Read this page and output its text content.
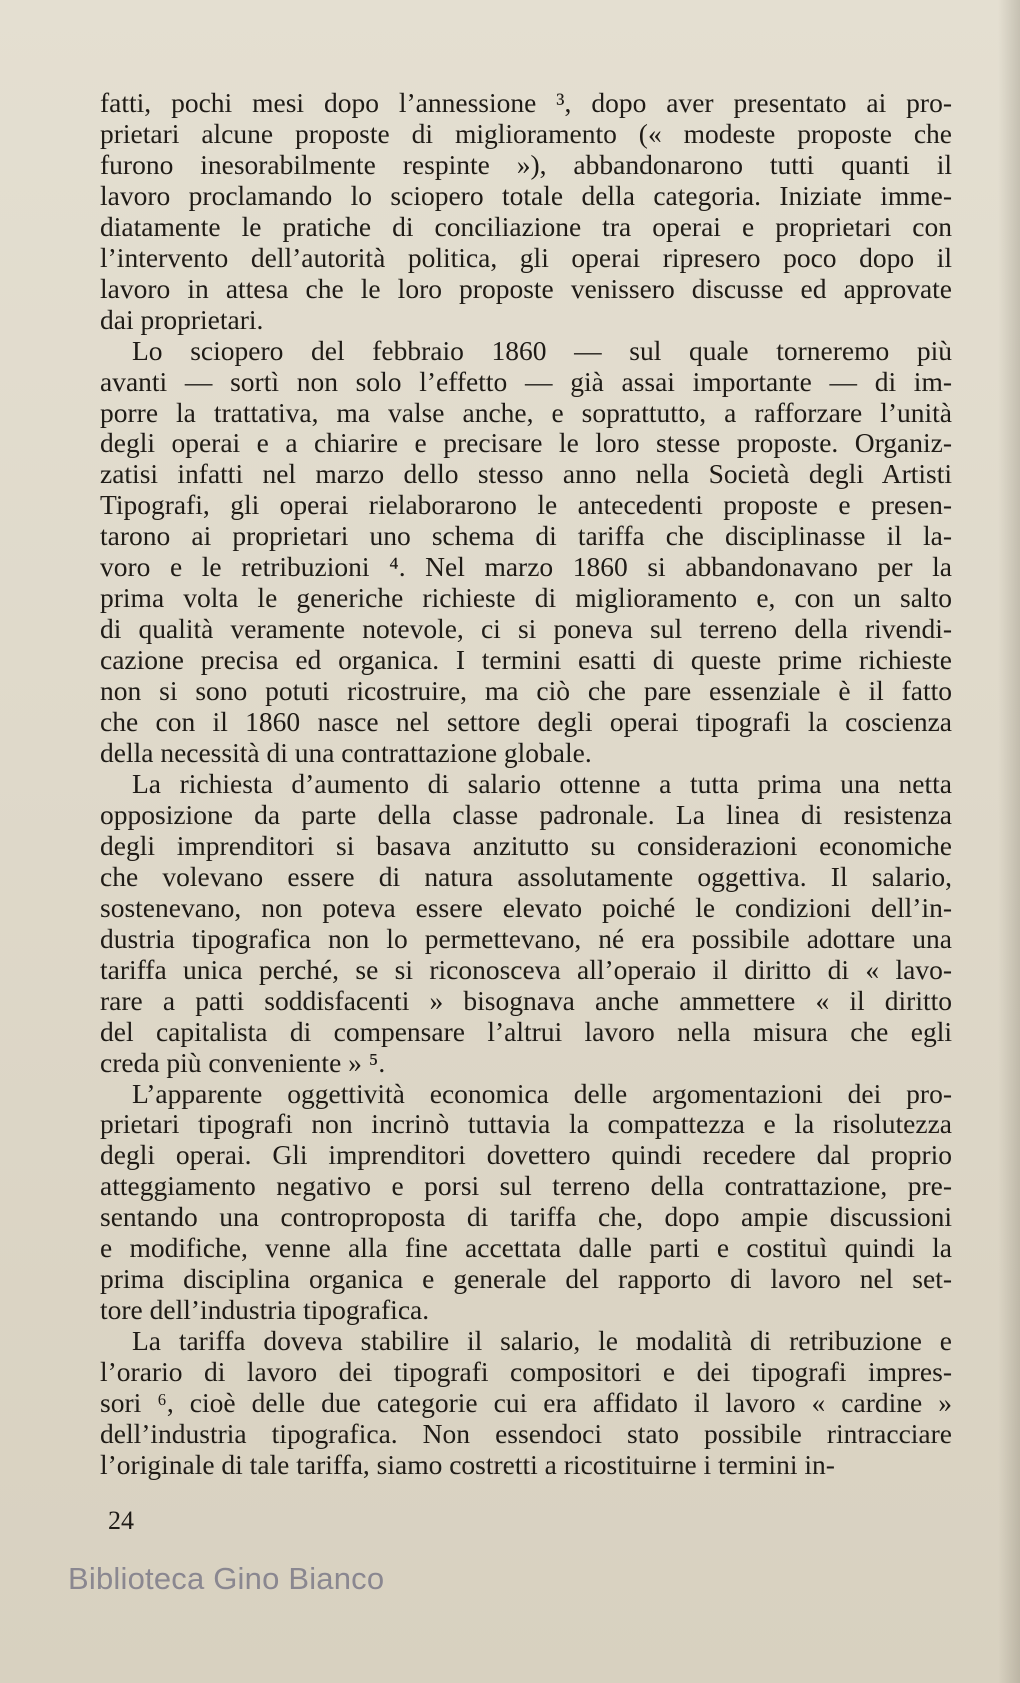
fatti, pochi mesi dopo l’annessione ³, dopo aver presentato ai pro-
prietari alcune proposte di miglioramento (« modeste proposte che
furono inesorabilmente respinte »), abbandonarono tutti quanti il
lavoro proclamando lo sciopero totale della categoria. Iniziate imme-
diatamente le pratiche di conciliazione tra operai e proprietari con
l’intervento dell’autorità politica, gli operai ripresero poco dopo il
lavoro in attesa che le loro proposte venissero discusse ed approvate
dai proprietari.
Lo sciopero del febbraio 1860 — sul quale torneremo più
avanti — sortì non solo l’effetto — già assai importante — di im-
porre la trattativa, ma valse anche, e soprattutto, a rafforzare l’unità
degli operai e a chiarire e precisare le loro stesse proposte. Organiz-
zatisi infatti nel marzo dello stesso anno nella Società degli Artisti
Tipografi, gli operai rielaborarono le antecedenti proposte e presen-
tarono ai proprietari uno schema di tariffa che disciplinasse il la-
voro e le retribuzioni ⁴. Nel marzo 1860 si abbandonavano per la
prima volta le generiche richieste di miglioramento e, con un salto
di qualità veramente notevole, ci si poneva sul terreno della rivendi-
cazione precisa ed organica. I termini esatti di queste prime richieste
non si sono potuti ricostruire, ma ciò che pare essenziale è il fatto
che con il 1860 nasce nel settore degli operai tipografi la coscienza
della necessità di una contrattazione globale.
La richiesta d’aumento di salario ottenne a tutta prima una netta
opposizione da parte della classe padronale. La linea di resistenza
degli imprenditori si basava anzitutto su considerazioni economiche
che volevano essere di natura assolutamente oggettiva. Il salario,
sostenevano, non poteva essere elevato poiché le condizioni dell’in-
dustria tipografica non lo permettevano, né era possibile adottare una
tariffa unica perché, se si riconosceva all’operaio il diritto di « lavo-
rare a patti soddisfacenti » bisognava anche ammettere « il diritto
del capitalista di compensare l’altrui lavoro nella misura che egli
creda più conveniente » ⁵.
L’apparente oggettività economica delle argomentazioni dei pro-
prietari tipografi non incrinò tuttavia la compattezza e la risolutezza
degli operai. Gli imprenditori dovettero quindi recedere dal proprio
atteggiamento negativo e porsi sul terreno della contrattazione, pre-
sentando una controproposta di tariffa che, dopo ampie discussioni
e modifiche, venne alla fine accettata dalle parti e costituì quindi la
prima disciplina organica e generale del rapporto di lavoro nel set-
tore dell’industria tipografica.
La tariffa doveva stabilire il salario, le modalità di retribuzione e
l’orario di lavoro dei tipografi compositori e dei tipografi impres-
sori ⁶, cioè delle due categorie cui era affidato il lavoro « cardine »
dell’industria tipografica. Non essendoci stato possibile rintracciare
l’originale di tale tariffa, siamo costretti a ricostituirne i termini in-
24
Biblioteca Gino Bianco
